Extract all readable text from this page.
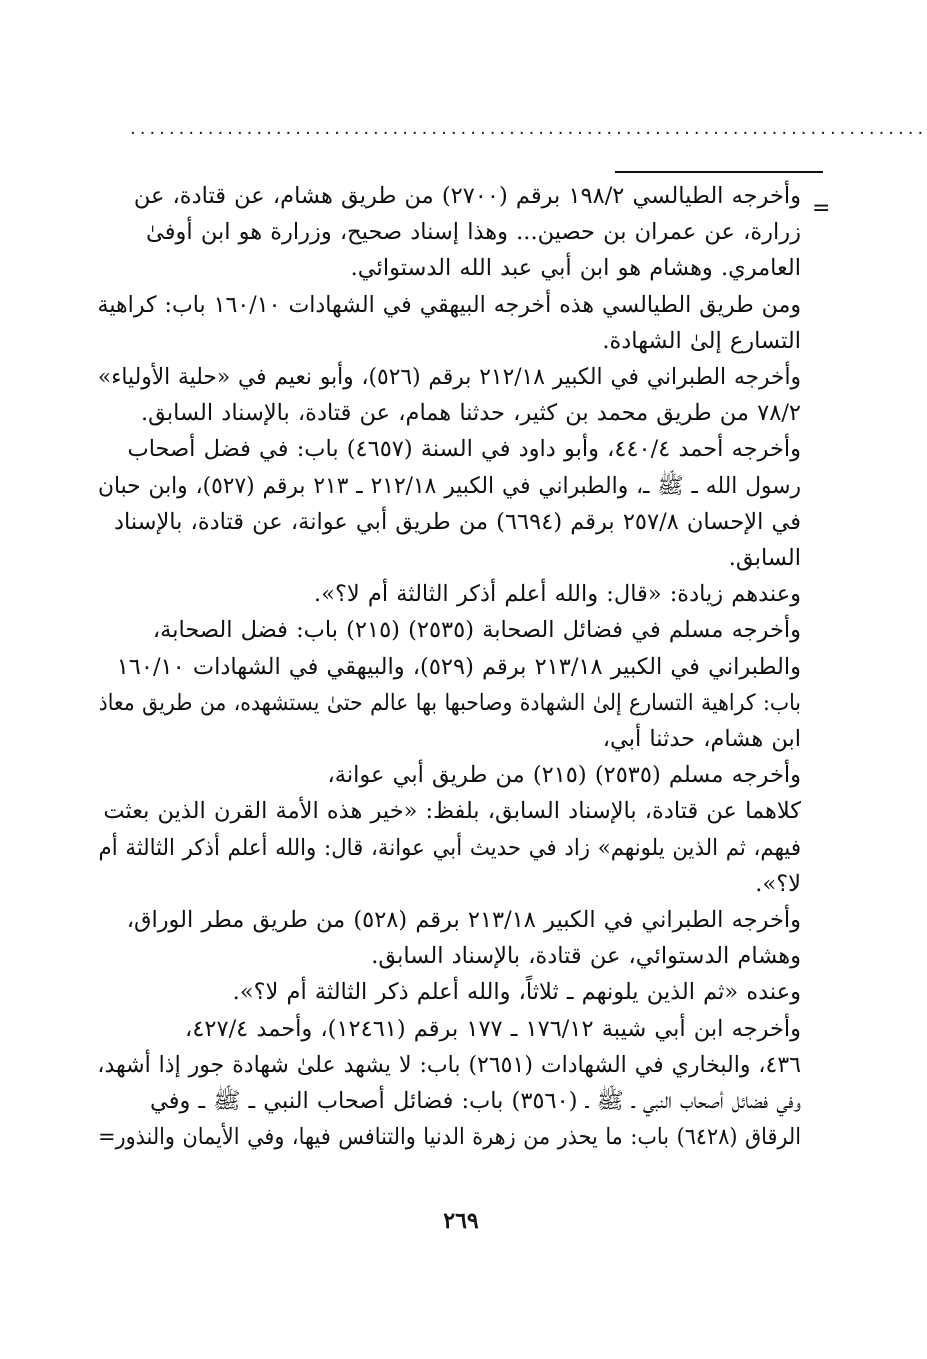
..................................................................................
=
وأخرجه الطيالسي ١٩٨/٢ برقم (٢٧٠٠) من طريق هشام، عن قتادة، عن
زرارة، عن عمران بن حصين... وهذا إسناد صحيح، وزرارة هو ابن أوفىٰ
العامري. وهشام هو ابن أبي عبد الله الدستوائي.
ومن طريق الطيالسي هذه أخرجه البيهقي في الشهادات ١٦٠/١٠ باب: كراهية
التسارع إلىٰ الشهادة.
وأخرجه الطبراني في الكبير ٢١٢/١٨ برقم (٥٢٦)، وأبو نعيم في «حلية الأولياء»
٧٨/٢ من طريق محمد بن كثير، حدثنا همام، عن قتادة، بالإسناد السابق.
وأخرجه أحمد ٤٤٠/٤، وأبو داود في السنة (٤٦٥٧) باب: في فضل أصحاب
رسول الله ـ ﷺ ـ، والطبراني في الكبير ٢١٢/١٨ ـ ٢١٣ برقم (٥٢٧)، وابن حبان
في الإحسان ٢٥٧/٨ برقم (٦٦٩٤) من طريق أبي عوانة، عن قتادة، بالإسناد
السابق.
وعندهم زيادة: «قال: والله أعلم أذكر الثالثة أم لا؟».
وأخرجه مسلم في فضائل الصحابة (٢٥٣٥) (٢١٥) باب: فضل الصحابة،
والطبراني في الكبير ٢١٣/١٨ برقم (٥٢٩)، والبيهقي في الشهادات ١٦٠/١٠
باب: كراهية التسارع إلىٰ الشهادة وصاحبها بها عالم حتىٰ يستشهده، من طريق معاذ
ابن هشام، حدثنا أبي،
وأخرجه مسلم (٢٥٣٥) (٢١٥) من طريق أبي عوانة،
كلاهما عن قتادة، بالإسناد السابق، بلفظ: «خير هذه الأمة القرن الذين بعثت
فيهم، ثم الذين يلونهم» زاد في حديث أبي عوانة، قال: والله أعلم أذكر الثالثة أم
لا؟».
وأخرجه الطبراني في الكبير ٢١٣/١٨ برقم (٥٢٨) من طريق مطر الوراق،
وهشام الدستوائي، عن قتادة، بالإسناد السابق.
وعنده «ثم الذين يلونهم ـ ثلاثاً، والله أعلم ذكر الثالثة أم لا؟».
وأخرجه ابن أبي شيبة ١٧٦/١٢ ـ ١٧٧ برقم (١٢٤٦١)، وأحمد ٤٢٧/٤،
٤٣٦، والبخاري في الشهادات (٢٦٥١) باب: لا يشهد علىٰ شهادة جور إذا أشهد،
وفي فضائل أصحاب النبي ـ ﷺ ـ (٣٥٦٠) باب: فضائل أصحاب النبي ـ ﷺ ـ وفي
الرقاق (٦٤٢٨) باب: ما يحذر من زهرة الدنيا والتنافس فيها، وفي الأيمان والنذور=
٢٦٩
